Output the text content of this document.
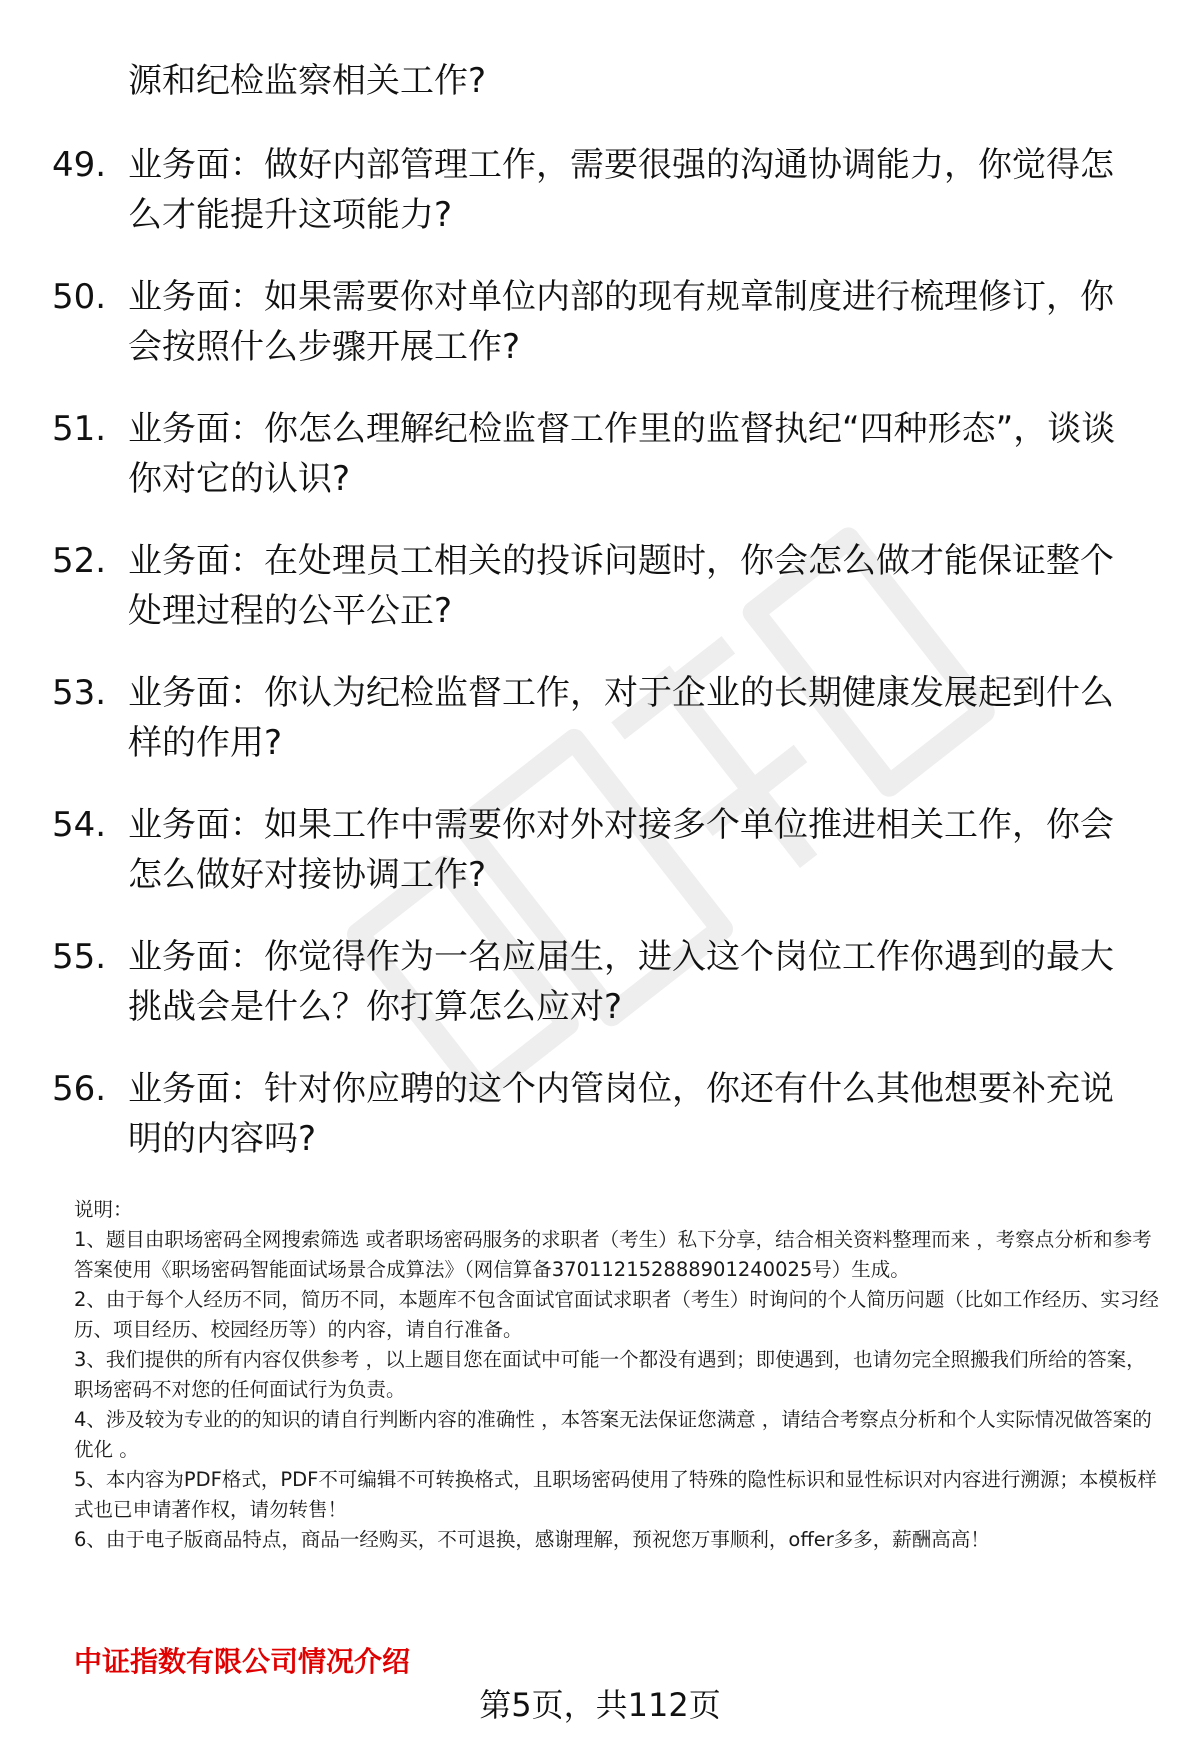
源和纪检监察相关工作?
49. 业务面：做好内部管理工作，需要很强的沟通协调能力，你觉得怎么才能提升这项能力?
50. 业务面：如果需要你对单位内部的现有规章制度进行梳理修订，你会按照什么步骤开展工作?
51. 业务面：你怎么理解纪检监督工作里的监督执纪“四种形态”，谈谈你对它的认识?
52. 业务面：在处理员工相关的投诉问题时，你会怎么做才能保证整个处理过程的公平公正?
53. 业务面：你认为纪检监督工作，对于企业的长期健康发展起到什么样的作用?
54. 业务面：如果工作中需要你对外对接多个单位推进相关工作，你会怎么做好对接协调工作?
55. 业务面：你觉得作为一名应届生，进入这个岗位工作你遇到的最大挑战会是什么？你打算怎么应对?
56. 业务面：针对你应聘的这个内管岗位，你还有什么其他想要补充说明的内容吗?

说明：

1、题目由职场密码全网搜索筛选 或者职场密码服务的求职者（考生）私下分享，结合相关资料整理而来 ，考察点分析和参考答案使用《职场密码智能面试场景合成算法》（网信算备370112152888901240025号）生成。

2、由于每个人经历不同，简历不同，本题库不包含面试官面试求职者（考生）时询问的个人简历问题（比如工作经历、实习经历、项目经历、校园经历等）的内容，请自行准备。

3、我们提供的所有内容仅供参考 ，以上题目您在面试中可能一个都没有遇到；即使遇到，也请勿完全照搬我们所给的答案，职场密码不对您的任何面试行为负责。

4、涉及较为专业的的知识的请自行判断内容的准确性 ，本答案无法保证您满意 ，请结合考察点分析和个人实际情况做答案的优化 。

5、本内容为PDF格式，PDF不可编辑不可转换格式，且职场密码使用了特殊的隐性标识和显性标识对内容进行溯源；本模板样式也已申请著作权，请勿转售！

6、由于电子版商品特点，商品一经购买，不可退换，感谢理解，预祝您万事顺利，offer多多，薪酬高高！

中证指数有限公司情况介绍
第5页，共112页
